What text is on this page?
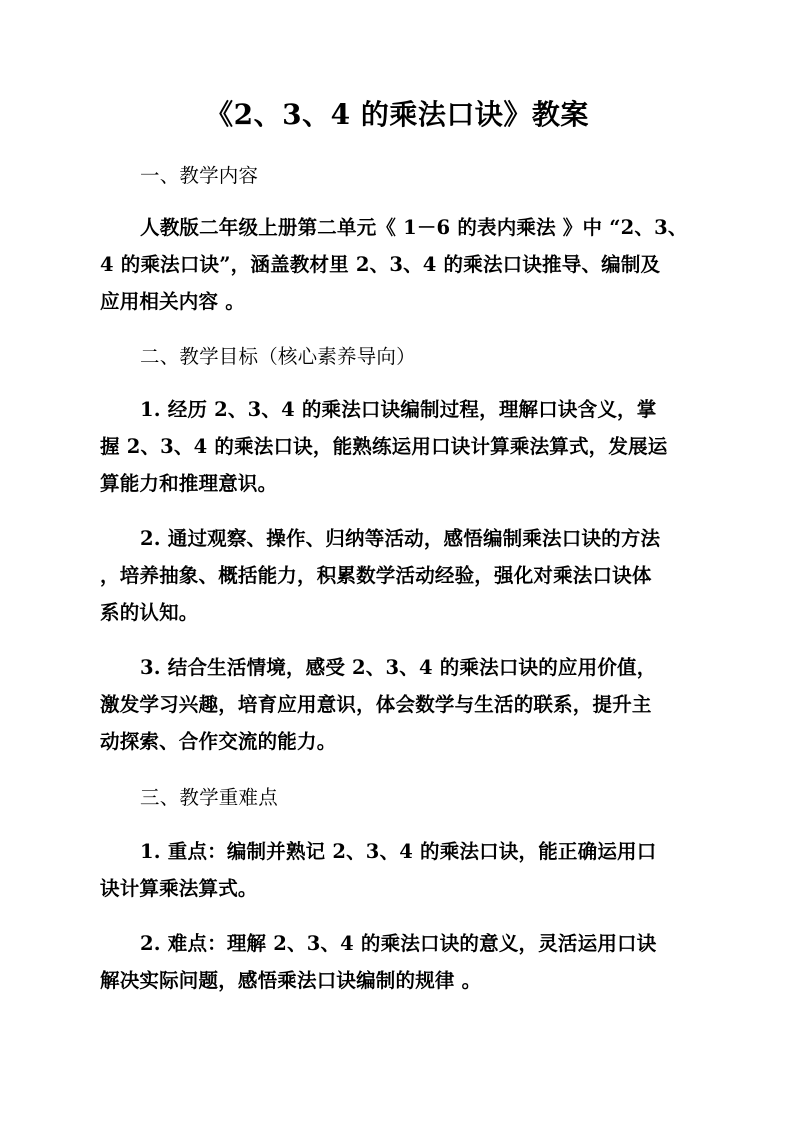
《2、3、4 的乘法口诀》教案
一、教学内容
人教版二年级上册第二单元《 1－6 的表内乘法 》中 “2、3、
4 的乘法口诀”，涵盖教材里 2、3、4 的乘法口诀推导、编制及
应用相关内容 。
二、教学目标（核心素养导向）
1. 经历 2、3、4 的乘法口诀编制过程，理解口诀含义，掌
握 2、3、4 的乘法口诀，能熟练运用口诀计算乘法算式，发展运
算能力和推理意识。
2. 通过观察、操作、归纳等活动，感悟编制乘法口诀的方法
，培养抽象、概括能力，积累数学活动经验，强化对乘法口诀体
系的认知。
3. 结合生活情境，感受 2、3、4 的乘法口诀的应用价值，
激发学习兴趣，培育应用意识，体会数学与生活的联系，提升主
动探索、合作交流的能力。
三、教学重难点
1. 重点：编制并熟记 2、3、4 的乘法口诀，能正确运用口
诀计算乘法算式。
2. 难点：理解 2、3、4 的乘法口诀的意义，灵活运用口诀
解决实际问题，感悟乘法口诀编制的规律 。
